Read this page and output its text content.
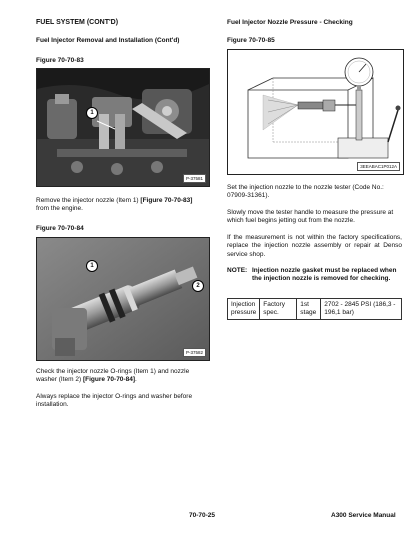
FUEL SYSTEM (CONT'D)
Fuel Injector Removal and Installation (Cont'd)
Figure 70-70-83
1
P-37581
Remove the injector nozzle (Item 1) [Figure 70-70-83]
from the engine.
Figure 70-70-84
1
2
P-37582
Check the injector nozzle O-rings (Item 1) and nozzle washer (Item 2) [Figure 70-70-84].
Always replace the injector O-rings and washer before installation.
Fuel Injector Nozzle Pressure - Checking
Figure 70-70-85
3EEABAC1P012A
Set the injection nozzle to the nozzle tester (Code No.: 07909-31361).
Slowly move the tester handle to measure the pressure at which fuel begins jetting out from the nozzle.
If the measurement is not within the factory specifications, replace the injection nozzle assembly or repair at Denso service shop.
NOTE: Injection nozzle gasket must be replaced when the injection nozzle is removed for checking.
Injection pressure	Factory spec.	1st stage	2702 - 2845 PSI (186,3 - 196,1 bar)
70-70-25	A300 Service Manual
